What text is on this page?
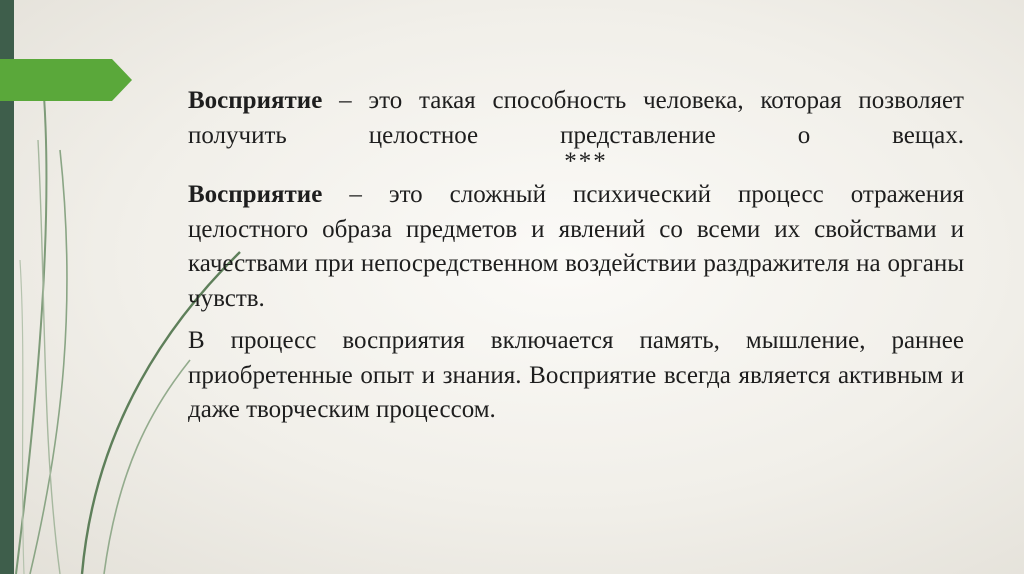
Восприятие – это такая способность человека, которая позволяет получить целостное представление о вещах.

***

Восприятие – это сложный психический процесс отражения целостного образа предметов и явлений со всеми их свойствами и качествами при непосредственном воздействии раздражителя на органы чувств.

В процесс восприятия включается память, мышление, раннее приобретенные опыт и знания. Восприятие всегда является активным и даже творческим процессом.
